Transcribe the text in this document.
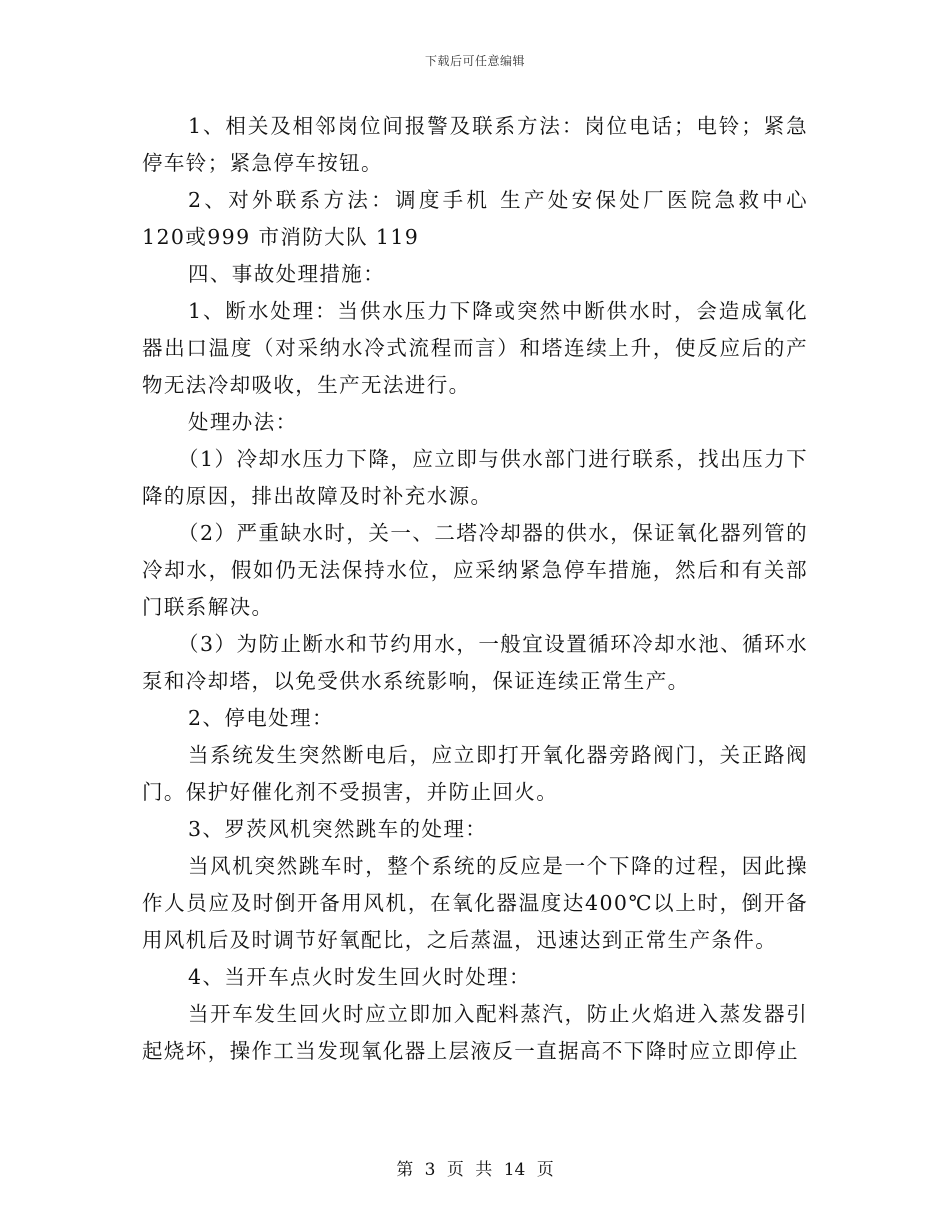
下载后可任意编辑

1、相关及相邻岗位间报警及联系方法：岗位电话；电铃；紧急停车铃；紧急停车按钮。

2、对外联系方法：调度手机 生产处安保处厂医院急救中心 120或999 市消防大队 119

四、事故处理措施：

1、断水处理：当供水压力下降或突然中断供水时，会造成氧化器出口温度（对采纳水冷式流程而言）和塔连续上升，使反应后的产物无法冷却吸收，生产无法进行。

处理办法：

（1）冷却水压力下降，应立即与供水部门进行联系，找出压力下降的原因，排出故障及时补充水源。

（2）严重缺水时，关一、二塔冷却器的供水，保证氧化器列管的冷却水，假如仍无法保持水位，应采纳紧急停车措施，然后和有关部门联系解决。

（3）为防止断水和节约用水，一般宜设置循环冷却水池、循环水泵和冷却塔，以免受供水系统影响，保证连续正常生产。

2、停电处理：

当系统发生突然断电后，应立即打开氧化器旁路阀门，关正路阀门。保护好催化剂不受损害，并防止回火。

3、罗茨风机突然跳车的处理：

当风机突然跳车时，整个系统的反应是一个下降的过程，因此操作人员应及时倒开备用风机，在氧化器温度达400℃以上时，倒开备用风机后及时调节好氧配比，之后蒸温，迅速达到正常生产条件。

4、当开车点火时发生回火时处理：

当开车发生回火时应立即加入配料蒸汽，防止火焰进入蒸发器引起烧坏，操作工当发现氧化器上层液反一直据高不下降时应立即停止

第 3 页 共 14 页
